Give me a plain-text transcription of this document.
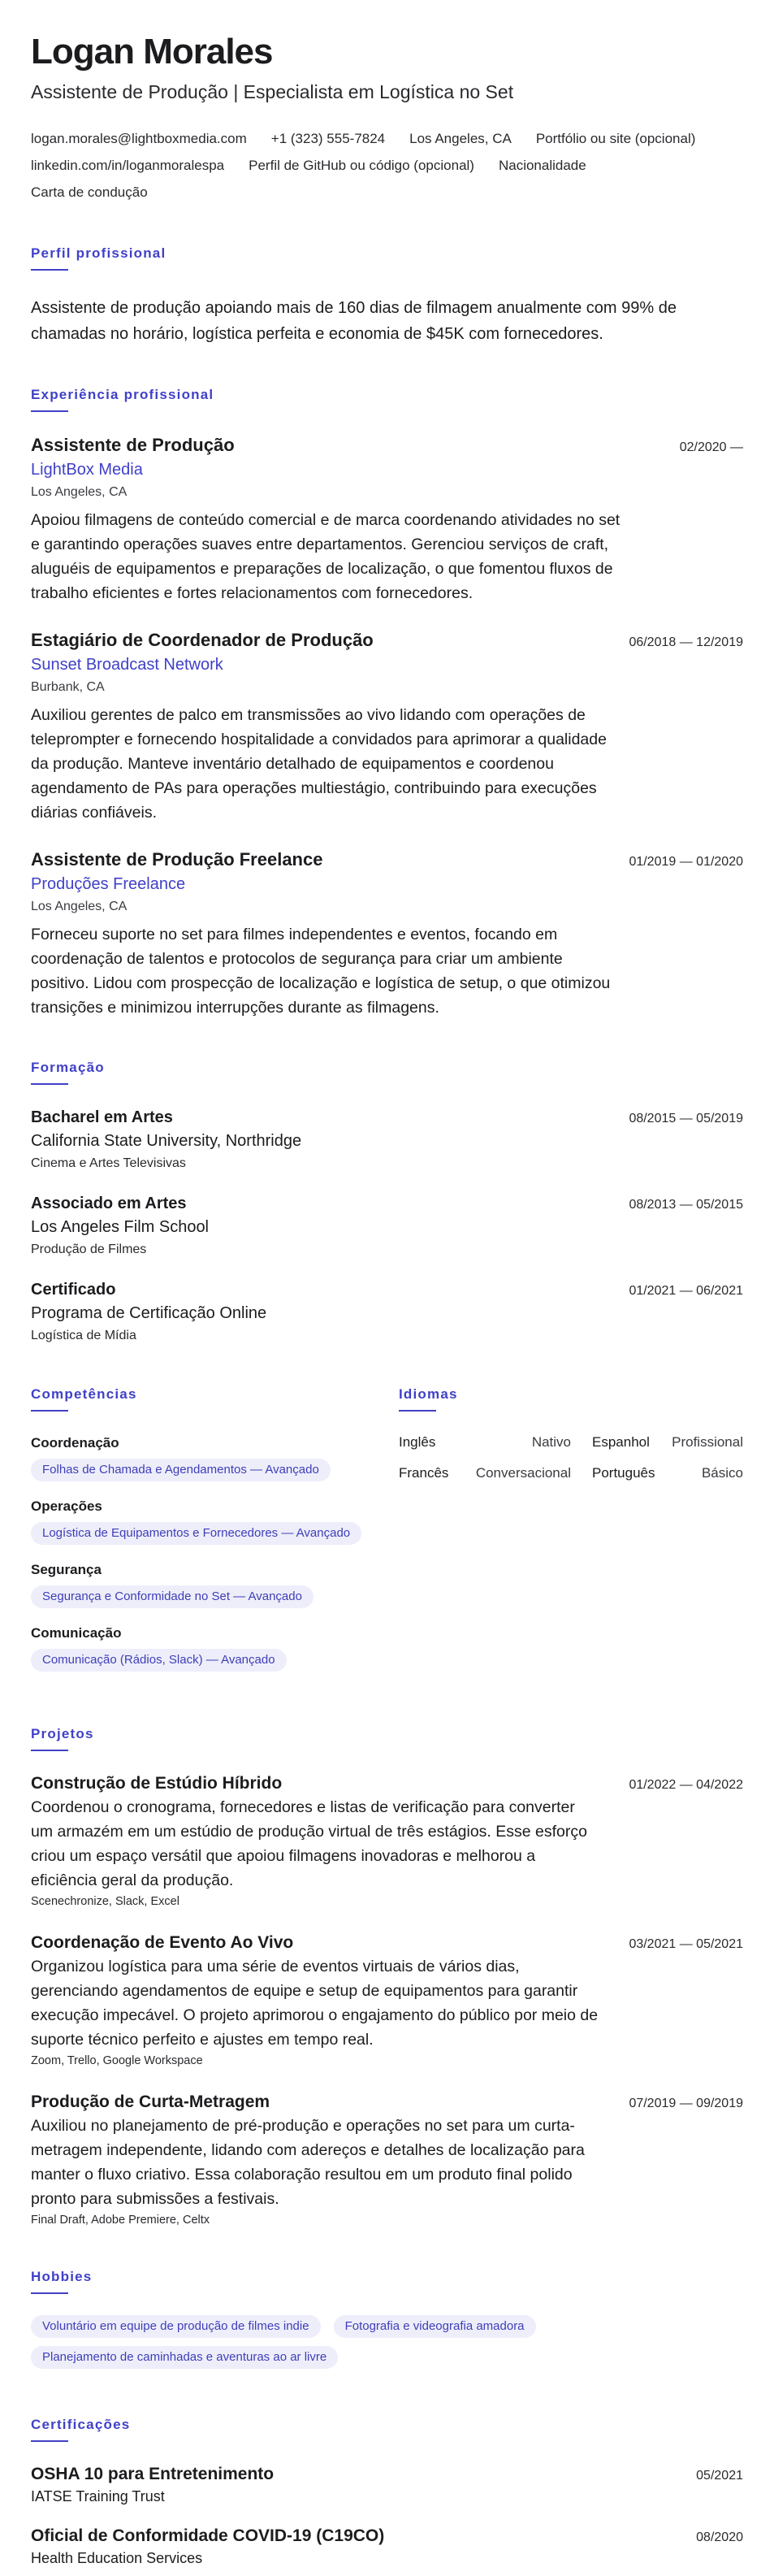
Logan Morales
Assistente de Produção | Especialista em Logística no Set
logan.morales@lightboxmedia.com +1 (323) 555-7824 Los Angeles, CA Portfólio ou site (opcional)
linkedin.com/in/loganmoralespa Perfil de GitHub ou código (opcional) Nacionalidade
Carta de condução
Perfil profissional
Assistente de produção apoiando mais de 160 dias de filmagem anualmente com 99% de chamadas no horário, logística perfeita e economia de $45K com fornecedores.
Experiência profissional
Assistente de Produção	02/2020 —
LightBox Media
Los Angeles, CA
Apoiou filmagens de conteúdo comercial e de marca coordenando atividades no set e garantindo operações suaves entre departamentos. Gerenciou serviços de craft, aluguéis de equipamentos e preparações de localização, o que fomentou fluxos de trabalho eficientes e fortes relacionamentos com fornecedores.
Estagiário de Coordenador de Produção	06/2018 — 12/2019
Sunset Broadcast Network
Burbank, CA
Auxiliou gerentes de palco em transmissões ao vivo lidando com operações de teleprompter e fornecendo hospitalidade a convidados para aprimorar a qualidade da produção. Manteve inventário detalhado de equipamentos e coordenou agendamento de PAs para operações multiestágio, contribuindo para execuções diárias confiáveis.
Assistente de Produção Freelance	01/2019 — 01/2020
Produções Freelance
Los Angeles, CA
Forneceu suporte no set para filmes independentes e eventos, focando em coordenação de talentos e protocolos de segurança para criar um ambiente positivo. Lidou com prospecção de localização e logística de setup, o que otimizou transições e minimizou interrupções durante as filmagens.
Formação
Bacharel em Artes	08/2015 — 05/2019
California State University, Northridge
Cinema e Artes Televisivas
Associado em Artes	08/2013 — 05/2015
Los Angeles Film School
Produção de Filmes
Certificado	01/2021 — 06/2021
Programa de Certificação Online
Logística de Mídia
Competências
Coordenação
Folhas de Chamada e Agendamentos — Avançado
Operações
Logística de Equipamentos e Fornecedores — Avançado
Segurança
Segurança e Conformidade no Set — Avançado
Comunicação
Comunicação (Rádios, Slack) — Avançado
Idiomas
Inglês	Nativo	Espanhol	Profissional
Francês	Conversacional	Português	Básico
Projetos
Construção de Estúdio Híbrido	01/2022 — 04/2022
Coordenou o cronograma, fornecedores e listas de verificação para converter um armazém em um estúdio de produção virtual de três estágios. Esse esforço criou um espaço versátil que apoiou filmagens inovadoras e melhorou a eficiência geral da produção.
Scenechronize, Slack, Excel
Coordenação de Evento Ao Vivo	03/2021 — 05/2021
Organizou logística para uma série de eventos virtuais de vários dias, gerenciando agendamentos de equipe e setup de equipamentos para garantir execução impecável. O projeto aprimorou o engajamento do público por meio de suporte técnico perfeito e ajustes em tempo real.
Zoom, Trello, Google Workspace
Produção de Curta-Metragem	07/2019 — 09/2019
Auxiliou no planejamento de pré-produção e operações no set para um curta-metragem independente, lidando com adereços e detalhes de localização para manter o fluxo criativo. Essa colaboração resultou em um produto final polido pronto para submissões a festivais.
Final Draft, Adobe Premiere, Celtx
Hobbies
Voluntário em equipe de produção de filmes indie	Fotografia e videografia amadora
Planejamento de caminhadas e aventuras ao ar livre
Certificações
OSHA 10 para Entretenimento	05/2021
IATSE Training Trust
Oficial de Conformidade COVID-19 (C19CO)	08/2020
Health Education Services
